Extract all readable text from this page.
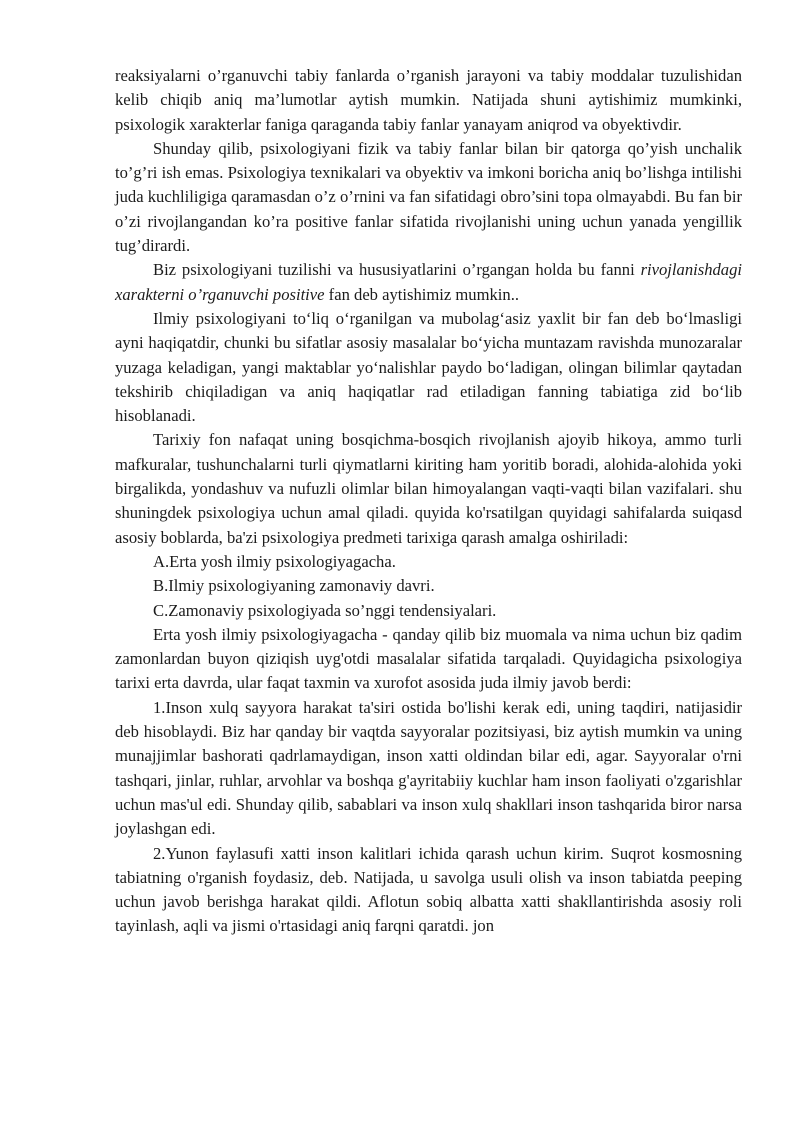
reaksiyalarni o’rganuvchi tabiy fanlarda o’rganish jarayoni va tabiy moddalar tuzulishidan kelib chiqib aniq ma’lumotlar aytish mumkin. Natijada shuni aytishimiz mumkinki, psixologik xarakterlar faniga qaraganda tabiy fanlar yanayam aniqrod va obyektivdir.

Shunday qilib, psixologiyani fizik va tabiy fanlar bilan bir qatorga qo’yish unchalik to’g’ri ish emas. Psixologiya texnikalari va obyektiv va imkoni boricha aniq bo’lishga intilishi juda kuchliligiga qaramasdan o’z o’rnini va fan sifatidagi obro’sini topa olmayabdi. Bu fan bir o’zi rivojlangandan ko’ra positive fanlar sifatida rivojlanishi uning uchun yanada yengillik tug’dirardi.

Biz psixologiyani tuzilishi va hususiyatlarini o’rgangan holda bu fanni rivojlanishdagi xarakterni o’rganuvchi positive fan deb aytishimiz mumkin..

Ilmiy psixologiyani to‘liq o‘rganilgan va mubolag‘asiz yaxlit bir fan deb bo‘lmasligi ayni haqiqatdir, chunki bu sifatlar asosiy masalalar bo‘yicha muntazam ravishda munozaralar yuzaga keladigan, yangi maktablar yo‘nalishlar paydo bo‘ladigan, olingan bilimlar qaytadan tekshirib chiqiladigan va aniq haqiqatlar rad etiladigan fanning tabiatiga zid bo‘lib hisoblanadi.

Tarixiy fon nafaqat uning bosqichma-bosqich rivojlanish ajoyib hikoya, ammo turli mafkuralar, tushunchalarni turli qiymatlarni kiriting ham yoritib boradi, alohida-alohida yoki birgalikda, yondashuv va nufuzli olimlar bilan himoyalangan vaqti-vaqti bilan vazifalari. shu shuningdek psixologiya uchun amal qiladi. quyida ko'rsatilgan quyidagi sahifalarda suiqasd asosiy boblarda, ba'zi psixologiya predmeti tarixiga qarash amalga oshiriladi:

A.Erta yosh ilmiy psixologiyagacha.

B.Ilmiy psixologiyaning zamonaviy davri.

C.Zamonaviy psixologiyada so’nggi tendensiyalari.

Erta yosh ilmiy psixologiyagacha - qanday qilib biz muomala va nima uchun biz qadim zamonlardan buyon qiziqish uyg'otdi masalalar sifatida tarqaladi. Quyidagicha psixologiya tarixi erta davrda, ular faqat taxmin va xurofot asosida juda ilmiy javob berdi:

1.Inson xulq sayyora harakat ta'siri ostida bo'lishi kerak edi, uning taqdiri, natijasidir deb hisoblaydi. Biz har qanday bir vaqtda sayyoralar pozitsiyasi, biz aytish mumkin va uning munajjimlar bashorati qadrlamaydigan, inson xatti oldindan bilar edi, agar. Sayyoralar o'rni tashqari, jinlar, ruhlar, arvohlar va boshqa g'ayritabiiy kuchlar ham inson faoliyati o'zgarishlar uchun mas'ul edi. Shunday qilib, sabablari va inson xulq shakllari inson tashqarida biror narsa joylashgan edi.

2.Yunon faylasufi xatti inson kalitlari ichida qarash uchun kirim. Suqrot kosmosning tabiatning o'rganish foydasiz, deb. Natijada, u savolga usuli olish va inson tabiatda peeping uchun javob berishga harakat qildi. Aflotun sobiq albatta xatti shakllantirishda asosiy roli tayinlash, aqli va jismi o'rtasidagi aniq farqni qaratdi. jon
